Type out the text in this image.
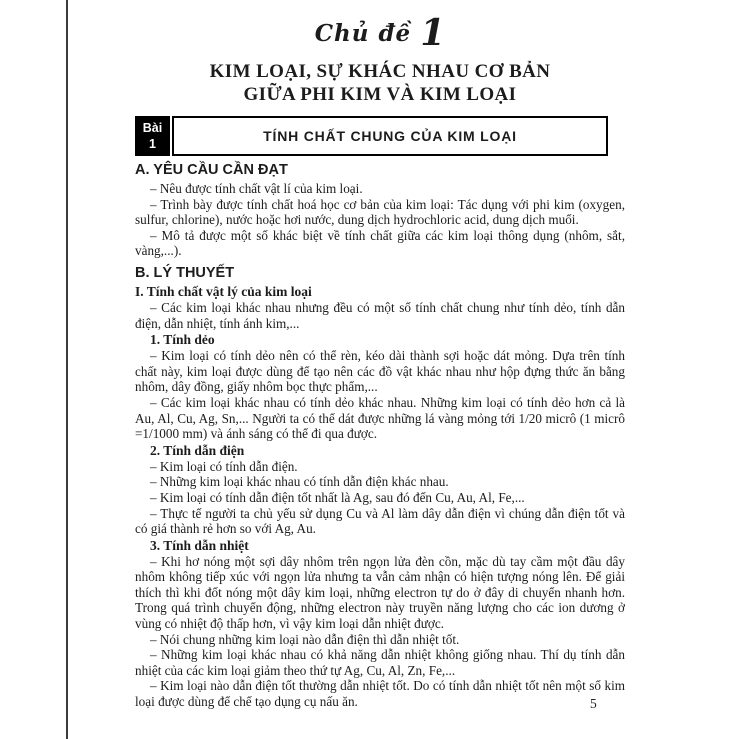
Chủ đề 1
KIM LOẠI, SỰ KHÁC NHAU CƠ BẢN
GIỮA PHI KIM VÀ KIM LOẠI
Bài
1	TÍNH CHẤT CHUNG CỦA KIM LOẠI
A. YÊU CẦU CẦN ĐẠT

– Nêu được tính chất vật lí của kim loại.

– Trình bày được tính chất hoá học cơ bản của kim loại: Tác dụng với phi kim (oxygen, sulfur, chlorine), nước hoặc hơi nước, dung dịch hydrochloric acid, dung dịch muối.

– Mô tả được một số khác biệt về tính chất giữa các kim loại thông dụng (nhôm, sắt, vàng,...).

B. LÝ THUYẾT
I. Tính chất vật lý của kim loại

– Các kim loại khác nhau nhưng đều có một số tính chất chung như tính dẻo, tính dẫn điện, dẫn nhiệt, tính ánh kim,...

1. Tính dẻo

– Kim loại có tính dẻo nên có thể rèn, kéo dài thành sợi hoặc dát mỏng. Dựa trên tính chất này, kim loại được dùng để tạo nên các đồ vật khác nhau như hộp đựng thức ăn bằng nhôm, dây đồng, giấy nhôm bọc thực phẩm,...

– Các kim loại khác nhau có tính dẻo khác nhau. Những kim loại có tính dẻo hơn cả là Au, Al, Cu, Ag, Sn,... Người ta có thể dát được những lá vàng mỏng tới 1/20 micrô (1 micrô =1/1000 mm) và ánh sáng có thể đi qua được.

2. Tính dẫn điện

– Kim loại có tính dẫn điện.

– Những kim loại khác nhau có tính dẫn điện khác nhau.

– Kim loại có tính dẫn điện tốt nhất là Ag, sau đó đến Cu, Au, Al, Fe,...

– Thực tế người ta chủ yếu sử dụng Cu và Al làm dây dẫn điện vì chúng dẫn điện tốt và có giá thành rẻ hơn so với Ag, Au.

3. Tính dẫn nhiệt

– Khi hơ nóng một sợi dây nhôm trên ngọn lửa đèn cồn, mặc dù tay cầm một đầu dây nhôm không tiếp xúc với ngọn lửa nhưng ta vẫn cảm nhận có hiện tượng nóng lên. Để giải thích thì khi đốt nóng một dây kim loại, những electron tự do ở đây di chuyển nhanh hơn. Trong quá trình chuyển động, những electron này truyền năng lượng cho các ion dương ở vùng có nhiệt độ thấp hơn, vì vậy kim loại dẫn nhiệt được.

– Nói chung những kim loại nào dẫn điện thì dẫn nhiệt tốt.

– Những kim loại khác nhau có khả năng dẫn nhiệt không giống nhau. Thí dụ tính dẫn nhiệt của các kim loại giảm theo thứ tự Ag, Cu, Al, Zn, Fe,...

– Kim loại nào dẫn điện tốt thường dẫn nhiệt tốt. Do có tính dẫn nhiệt tốt nên một số kim loại được dùng để chế tạo dụng cụ nấu ăn.	5
